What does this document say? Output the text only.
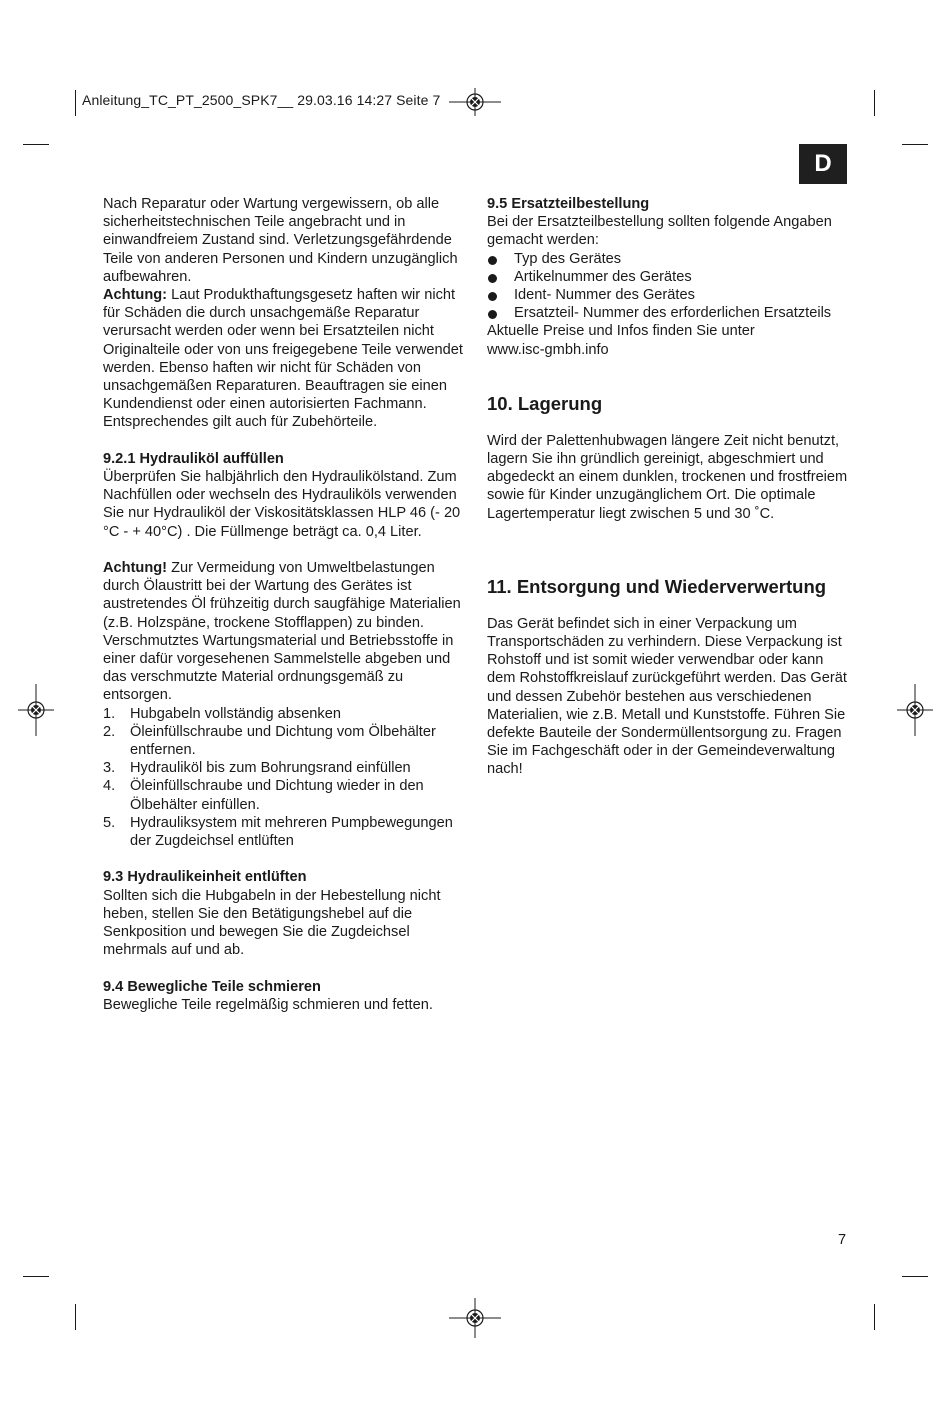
Anleitung_TC_PT_2500_SPK7__ 29.03.16 14:27 Seite 7
D

Nach Reparatur oder Wartung vergewissern, ob alle sicherheitstechnischen Teile angebracht und in einwandfreiem Zustand sind. Verletzungsgefährdende Teile von anderen Personen und Kindern unzugänglich aufbewahren.

Achtung: Laut Produkthaftungsgesetz haften wir nicht für Schäden die durch unsachgemäße Reparatur verursacht werden oder wenn bei Ersatzteilen nicht Originalteile oder von uns freigegebene Teile verwendet werden. Ebenso haften wir nicht für Schäden von unsachgemäßen Reparaturen. Beauftragen sie einen Kundendienst oder einen autorisierten Fachmann. Entsprechendes gilt auch für Zubehörteile.

9.2.1 Hydrauliköl auffüllen

Überprüfen Sie halbjährlich den Hydraulikölstand. Zum Nachfüllen oder wechseln des Hydrauliköls verwenden Sie nur Hydrauliköl der Viskositätsklassen HLP 46 (- 20 °C - + 40°C) . Die Füllmenge beträgt ca. 0,4 Liter.

Achtung! Zur Vermeidung von Umweltbelastungen durch Ölaustritt bei der Wartung des Gerätes ist austretendes Öl frühzeitig durch saugfähige Materialien (z.B. Holzspäne, trockene Stofflappen) zu binden. Verschmutztes Wartungsmaterial und Betriebsstoffe in einer dafür vorgesehenen Sammelstelle abgeben und das verschmutzte Material ordnungsgemäß zu entsorgen.

1. Hubgabeln vollständig absenken
2. Öleinfüllschraube und Dichtung vom Ölbehälter entfernen.
3. Hydrauliköl bis zum Bohrungsrand einfüllen
4. Öleinfüllschraube und Dichtung wieder in den Ölbehälter einfüllen.
5. Hydrauliksystem mit mehreren Pumpbewegungen der Zugdeichsel entlüften

9.3 Hydraulikeinheit entlüften

Sollten sich die Hubgabeln in der Hebestellung nicht heben, stellen Sie den Betätigungshebel auf die Senkposition und bewegen Sie die Zugdeichsel mehrmals auf und ab.

9.4 Bewegliche Teile schmieren

Bewegliche Teile regelmäßig schmieren und fetten.

9.5 Ersatzteilbestellung

Bei der Ersatzteilbestellung sollten folgende Angaben gemacht werden:

Typ des Gerätes
Artikelnummer des Gerätes
Ident- Nummer des Gerätes
Ersatzteil- Nummer des erforderlichen Ersatzteils

Aktuelle Preise und Infos finden Sie unter www.isc-gmbh.info

10. Lagerung

Wird der Palettenhubwagen längere Zeit nicht benutzt, lagern Sie ihn gründlich gereinigt, abgeschmiert und abgedeckt an einem dunklen, trockenen und frostfreiem sowie für Kinder unzugänglichem Ort. Die optimale Lagertemperatur liegt zwischen 5 und 30 ˚C.

11. Entsorgung und Wiederverwertung

Das Gerät befindet sich in einer Verpackung um Transportschäden zu verhindern. Diese Verpackung ist Rohstoff und ist somit wieder verwendbar oder kann dem Rohstoffkreislauf zurückgeführt werden. Das Gerät und dessen Zubehör bestehen aus verschiedenen Materialien, wie z.B. Metall und Kunststoffe. Führen Sie defekte Bauteile der Sondermüllentsorgung zu. Fragen Sie im Fachgeschäft oder in der Gemeindeverwaltung nach!

7
